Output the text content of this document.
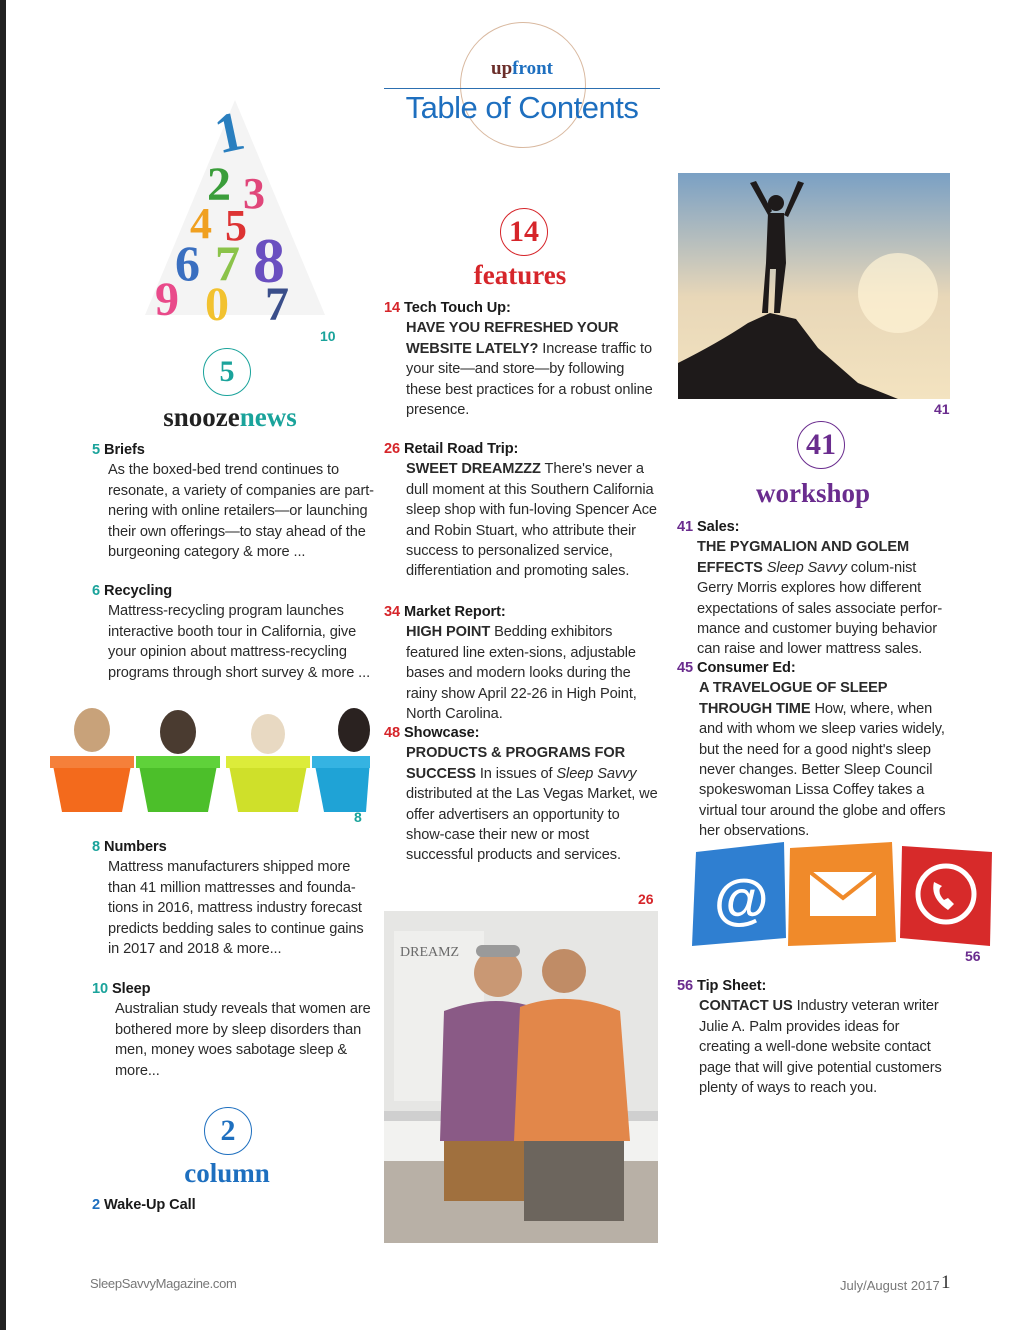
upfront
Table of Contents
1
2 3
4 5
6 7 8
9 0 7
10
5
snoozenews
5 Briefs
As the boxed-bed trend continues to resonate, a variety of companies are part-nering with online retailers—or launching their own offerings—to stay ahead of the burgeoning category & more ...
6 Recycling
Mattress-recycling program launches interactive booth tour in California, give your opinion about mattress-recycling programs through short survey & more ...
8
8 Numbers
Mattress manufacturers shipped more than 41 million mattresses and founda-tions in 2016, mattress industry forecast predicts bedding sales to continue gains in 2017 and 2018 & more...
10 Sleep
Australian study reveals that women are bothered more by sleep disorders than men, money woes sabotage sleep & more...
2
column
2 Wake-Up Call
14
features
14 Tech Touch Up:
HAVE YOU REFRESHED YOUR WEBSITE LATELY? Increase traffic to your site—and store—by following these best practices for a robust online presence.
26 Retail Road Trip:
SWEET DREAMZZZ There's never a dull moment at this Southern California sleep shop with fun-loving Spencer Ace and Robin Stuart, who attribute their success to personalized service, differentiation and promoting sales.
34 Market Report:
HIGH POINT Bedding exhibitors featured line exten-sions, adjustable bases and modern looks during the rainy show April 22-26 in High Point, North Carolina.
48 Showcase:
PRODUCTS & PROGRAMS FOR SUCCESS In issues of Sleep Savvy distributed at the Las Vegas Market, we offer advertisers an opportunity to show-case their new or most successful products and services.
26
DREAMZ
41
41
workshop
41 Sales:
THE PYGMALION AND GOLEM EFFECTS Sleep Savvy colum-nist Gerry Morris explores how different expectations of sales associate perfor-mance and customer buying behavior can raise and lower mattress sales.
45 Consumer Ed:
A TRAVELOGUE OF SLEEP THROUGH TIME How, where, when and with whom we sleep varies widely, but the need for a good night's sleep never changes. Better Sleep Council spokeswoman Lissa Coffey takes a virtual tour around the globe and offers her observations.
@
56
56 Tip Sheet:
CONTACT US Industry veteran writer Julie A. Palm provides ideas for creating a well-done website contact page that will give potential customers plenty of ways to reach you.
SleepSavvyMagazine.com	July/August 2017 1
